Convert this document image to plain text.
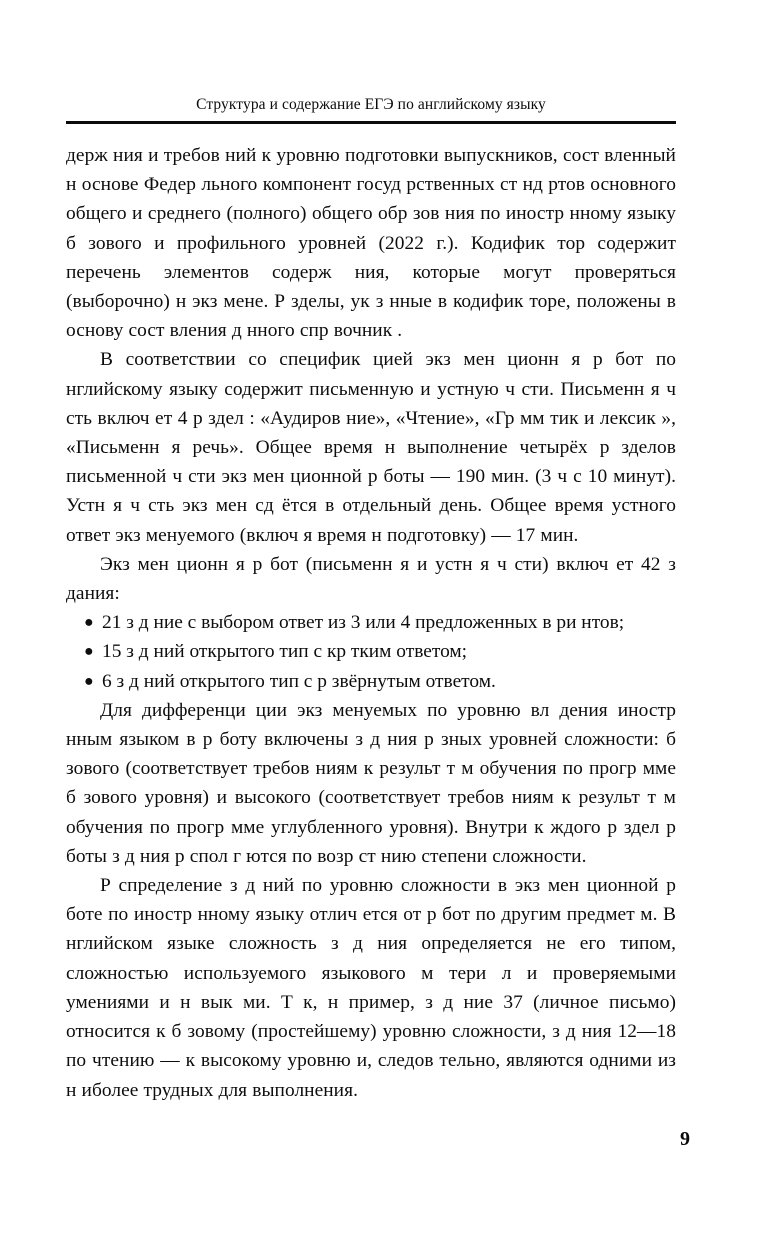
Структура и содержание ЕГЭ по английскому языку

держ ния и требов ний к уровню подготовки выпускников, сост вленный н основе Федер льного компонент госуд рственных ст нд ртов основного общего и среднего (полного) общего обр зов ния по иностр нному языку б зового и профильного уровней (2022 г.). Кодифик тор содержит перечень элементов содерж ния, которые могут проверяться (выборочно) н экз мене. Р зделы, ук з нные в кодифик торе, положены в основу сост вления д нного спр вочник .

В соответствии со специфик цией экз мен ционн я р бот по нглийскому языку содержит письменную и устную ч сти. Письменн я ч сть включ ет 4 р здел : «Аудиров ние», «Чтение», «Гр мм тик и лексик », «Письменн я речь». Общее время н выполнение четырёх р зделов письменной ч сти экз мен ционной р боты — 190 мин. (3 ч с 10 минут). Устн я ч сть экз мен сд ётся в отдельный день. Общее время устного ответ экз менуемого (включ я время н подготовку) — 17 мин.

Экз мен ционн я р бот (письменн я и устн я ч сти) включ ет 42 з дания:

● 21 з д ние с выбором ответ из 3 или 4 предложенных в ри нтов;
● 15 з д ний открытого тип с кр тким ответом;
● 6 з д ний открытого тип с р звёрнутым ответом.

Для дифференци ции экз менуемых по уровню вл дения иностр нным языком в р боту включены з д ния р зных уровней сложности: б зового (соответствует требов ниям к результ т м обучения по прогр мме б зового уровня) и высокого (соответствует требов ниям к результ т м обучения по прогр мме углубленного уровня). Внутри к ждого р здел р боты з д ния р спол г ются по возр ст нию степени сложности.

Р спределение з д ний по уровню сложности в экз мен ционной р боте по иностр нному языку отлич ется от р бот по другим предмет м. В нглийском языке сложность з д ния определяется не его типом, сложностью используемого языкового м тери л и проверяемыми умениями и н вык ми. Т к, н пример, з д ние 37 (личное письмо) относится к б зовому (простейшему) уровню сложности, з д ния 12—18 по чтению — к высокому уровню и, следов тельно, являются одними из н иболее трудных для выполнения.

9
